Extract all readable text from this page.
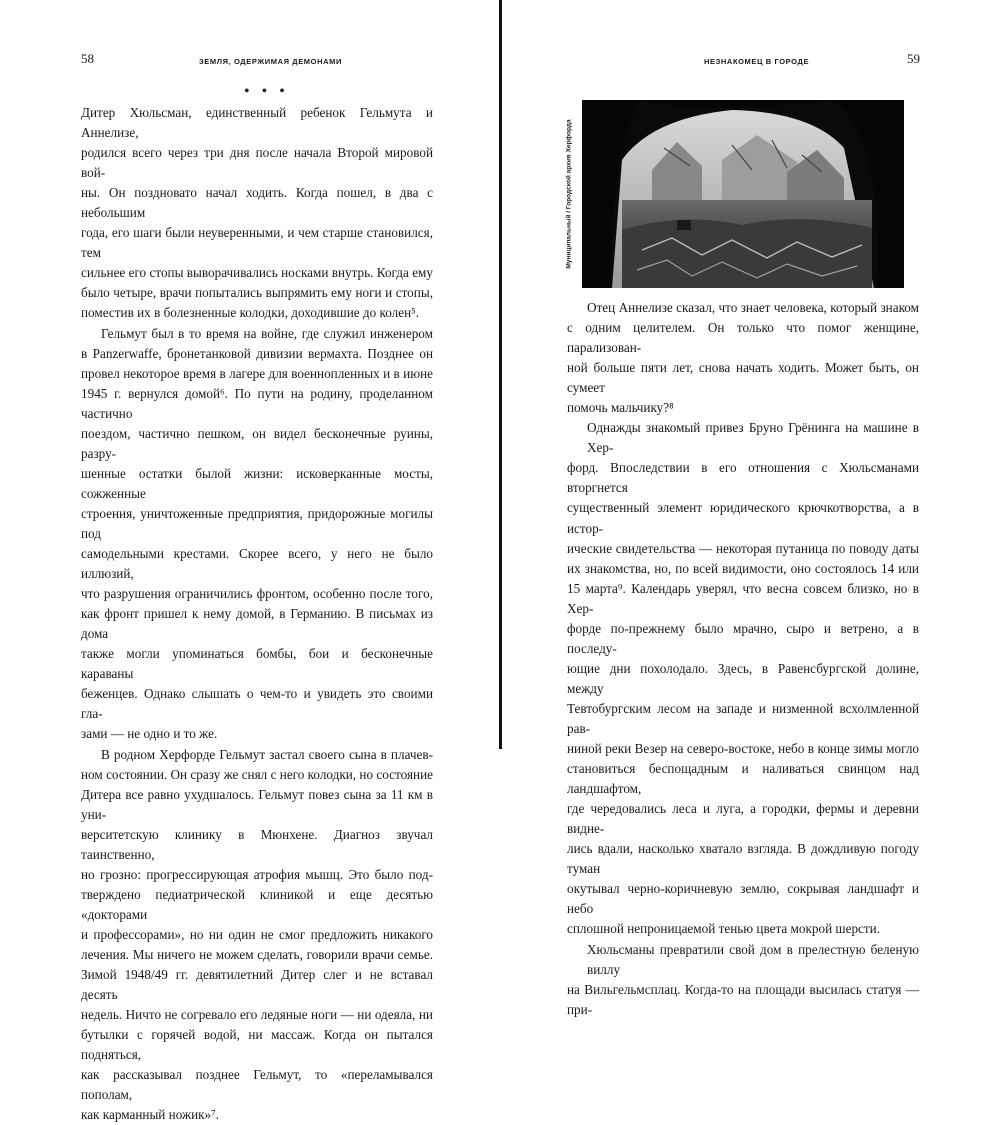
58	ЗЕМЛЯ, ОДЕРЖИМАЯ ДЕМОНАМИ
• • •

Дитер Хюльсман, единственный ребенок Гельмута и Аннелизе,

родился всего через три дня после начала Второй мировой вой-

ны. Он поздновато начал ходить. Когда пошел, в два с небольшим

года, его шаги были неуверенными, и чем старше становился, тем

сильнее его стопы выворачивались носками внутрь. Когда ему

было четыре, врачи попытались выпрямить ему ноги и стопы,

поместив их в болезненные колодки, доходившие до колен⁵.

Гельмут был в то время на войне, где служил инженером

в Panzerwaffe, бронетанковой дивизии вермахта. Позднее он

провел некоторое время в лагере для военнопленных и в июне

1945 г. вернулся домой⁶. По пути на родину, проделанном частично

поездом, частично пешком, он видел бесконечные руины, разру-

шенные остатки былой жизни: исковерканные мосты, сожженные

строения, уничтоженные предприятия, придорожные могилы под

самодельными крестами. Скорее всего, у него не было иллюзий,

что разрушения ограничились фронтом, особенно после того,

как фронт пришел к нему домой, в Германию. В письмах из дома

также могли упоминаться бомбы, бои и бесконечные караваны

беженцев. Однако слышать о чем-то и увидеть это своими гла-

зами — не одно и то же.

В родном Херфорде Гельмут застал своего сына в плачев-

ном состоянии. Он сразу же снял с него колодки, но состояние

Дитера все равно ухудшалось. Гельмут повез сына за 11 км в уни-

верситетскую клинику в Мюнхене. Диагноз звучал таинственно,

но грозно: прогрессирующая атрофия мышц. Это было под-

тверждено педиатрической клиникой и еще десятью «докторами

и профессорами», но ни один не смог предложить никакого

лечения. Мы ничего не можем сделать, говорили врачи семье.

Зимой 1948/49 гг. девятилетний Дитер слег и не вставал десять

недель. Ничто не согревало его ледяные ноги — ни одеяла, ни

бутылки с горячей водой, ни массаж. Когда он пытался подняться,

как рассказывал позднее Гельмут, то «переламывался пополам,

как карманный ножик»⁷.

НЕЗНАКОМЕЦ В ГОРОДЕ	59
Муниципальный / Городской архив Херфорда

Отец Аннелизе сказал, что знает человека, который знаком

с одним целителем. Он только что помог женщине, парализован-

ной больше пяти лет, снова начать ходить. Может быть, он сумеет

помочь мальчику?⁸

Однажды знакомый привез Бруно Грёнинга на машине в Хер-

форд. Впоследствии в его отношения с Хюльсманами вторгнется

существенный элемент юридического крючкотворства, а в истор-

ические свидетельства — некоторая путаница по поводу даты

их знакомства, но, по всей видимости, оно состоялось 14 или

15 марта⁹. Календарь уверял, что весна совсем близко, но в Хер-

форде по-прежнему было мрачно, сыро и ветрено, а в последу-

ющие дни похолодало. Здесь, в Равенсбургской долине, между

Тевтобургским лесом на западе и низменной всхолмленной рав-

ниной реки Везер на северо-востоке, небо в конце зимы могло

становиться беспощадным и наливаться свинцом над ландшафтом,

где чередовались леса и луга, а городки, фермы и деревни видне-

лись вдали, насколько хватало взгляда. В дождливую погоду туман

окутывал черно-коричневую землю, сокрывая ландшафт и небо

сплошной непроницаемой тенью цвета мокрой шерсти.

Хюльсманы превратили свой дом в прелестную беленую виллу

на Вильгельмсплац. Когда-то на площади высилась статуя — при-
